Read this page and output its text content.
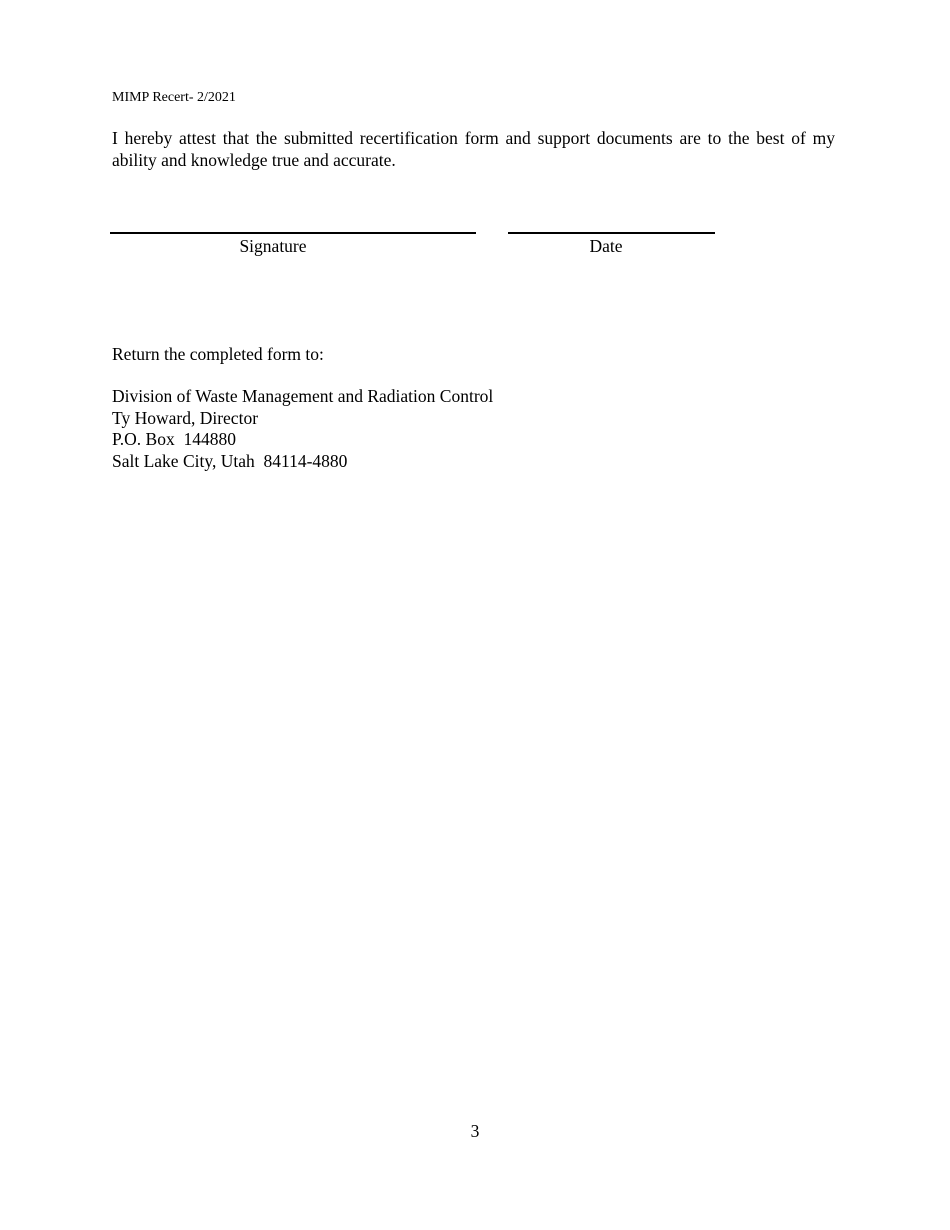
MIMP Recert- 2/2021
I hereby attest that the submitted recertification form and support documents are to the best of my ability and knowledge true and accurate.
Signature	Date
Return the completed form to:
Division of Waste Management and Radiation Control
Ty Howard, Director
P.O. Box  144880
Salt Lake City, Utah  84114-4880
3
